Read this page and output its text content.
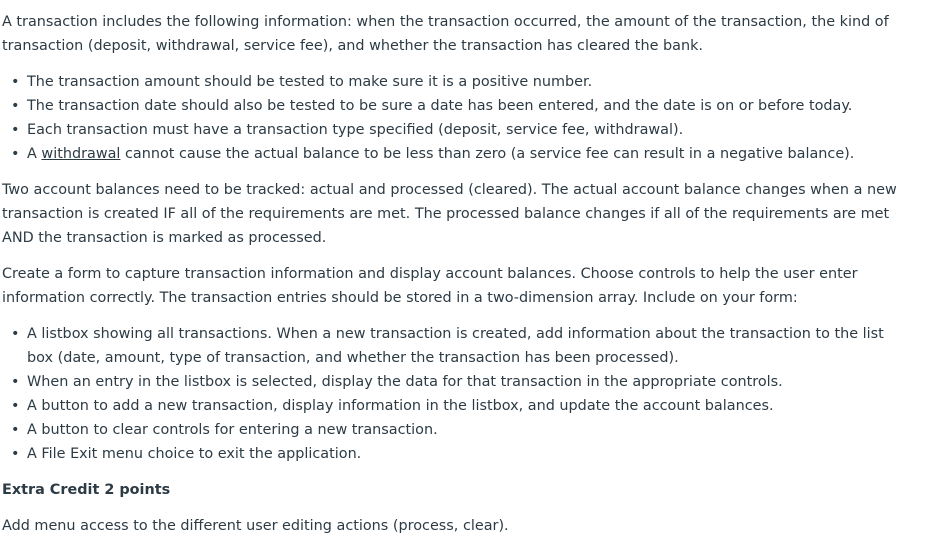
A transaction includes the following information: when the transaction occurred, the amount of the transaction, the kind of transaction (deposit, withdrawal, service fee), and whether the transaction has cleared the bank.

• The transaction amount should be tested to make sure it is a positive number.
• The transaction date should also be tested to be sure a date has been entered, and the date is on or before today.
• Each transaction must have a transaction type specified (deposit, service fee, withdrawal).
• A withdrawal cannot cause the actual balance to be less than zero (a service fee can result in a negative balance).

Two account balances need to be tracked: actual and processed (cleared). The actual account balance changes when a new transaction is created IF all of the requirements are met. The processed balance changes if all of the requirements are met AND the transaction is marked as processed.

Create a form to capture transaction information and display account balances. Choose controls to help the user enter information correctly. The transaction entries should be stored in a two-dimension array. Include on your form:

• A listbox showing all transactions. When a new transaction is created, add information about the transaction to the list box (date, amount, type of transaction, and whether the transaction has been processed).
• When an entry in the listbox is selected, display the data for that transaction in the appropriate controls.
• A button to add a new transaction, display information in the listbox, and update the account balances.
• A button to clear controls for entering a new transaction.
• A File Exit menu choice to exit the application.

Extra Credit 2 points

Add menu access to the different user editing actions (process, clear).
